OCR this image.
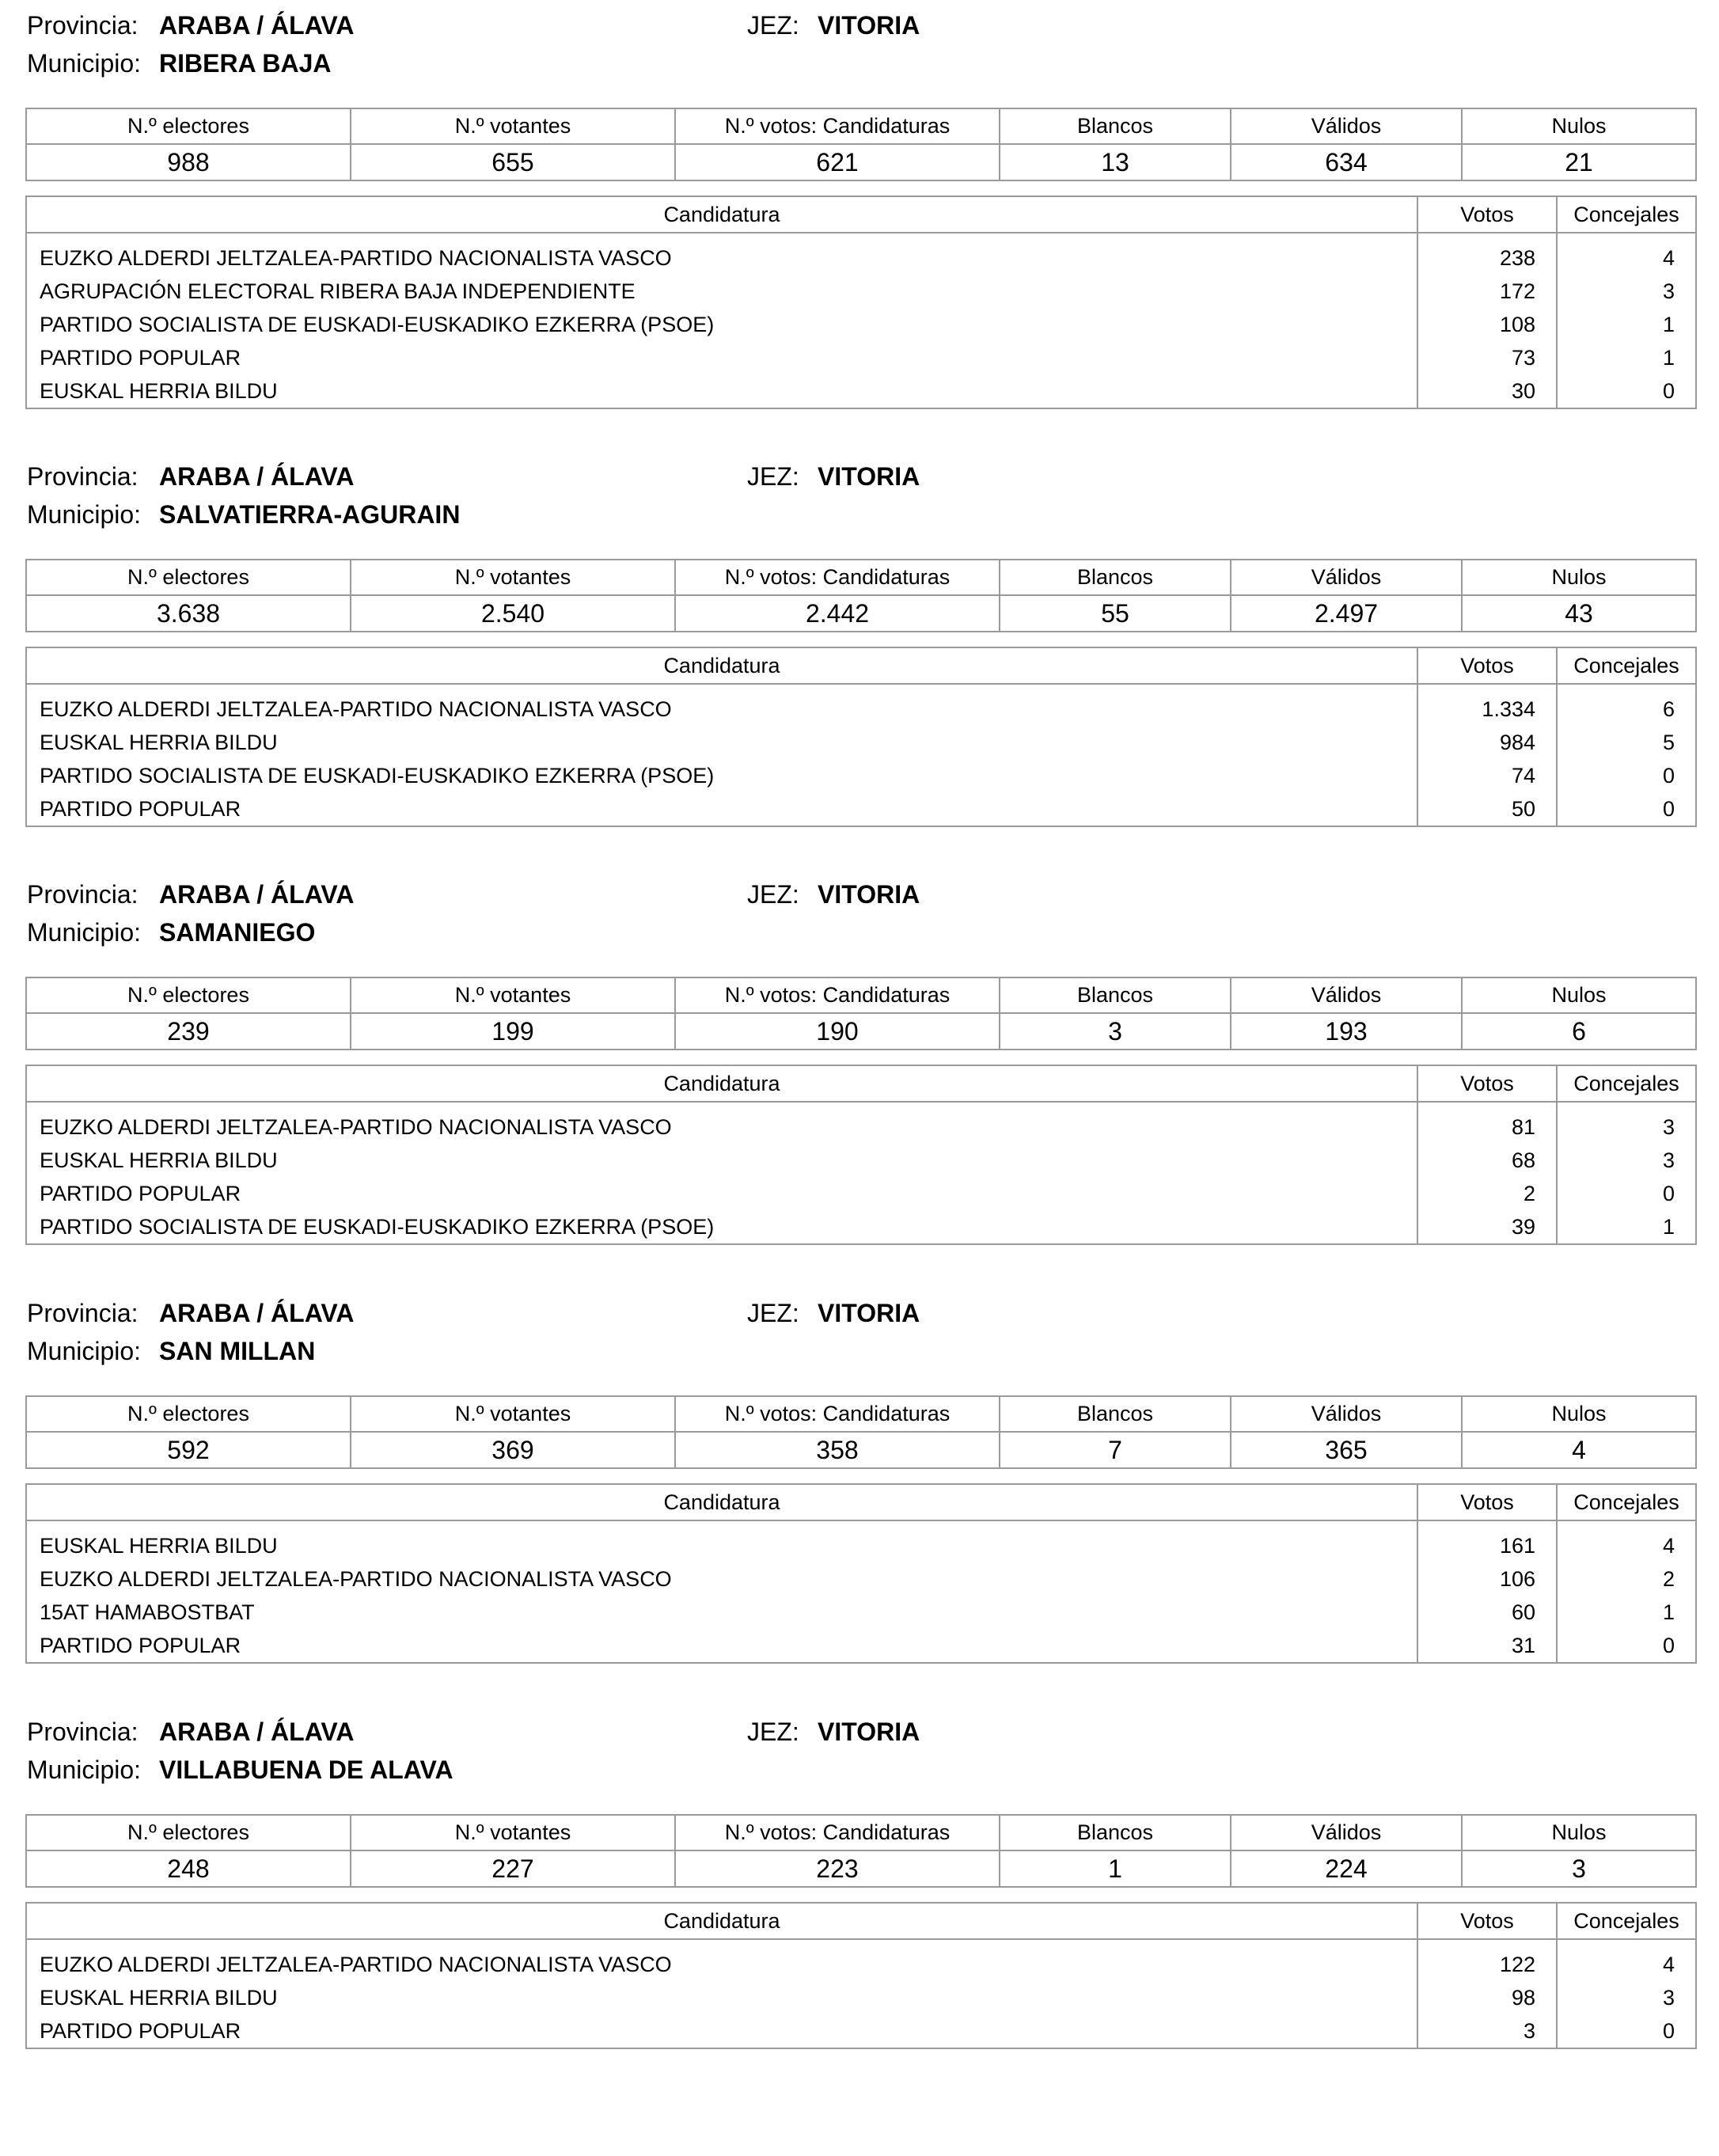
Provincia: ARABA / ÁLAVA	JEZ: VITORIA
Municipio: RIBERA BAJA
N.º electores	N.º votantes	N.º votos: Candidaturas	Blancos	Válidos	Nulos
988	655	621	13	634	21
Candidatura	Votos	Concejales

EUZKO ALDERDI JELTZALEA-PARTIDO NACIONALISTA VASCO	238	4
AGRUPACIÓN ELECTORAL RIBERA BAJA INDEPENDIENTE	172	3
PARTIDO SOCIALISTA DE EUSKADI-EUSKADIKO EZKERRA (PSOE)	108	1
PARTIDO POPULAR	73	1
EUSKAL HERRIA BILDU	30	0
Provincia: ARABA / ÁLAVA	JEZ: VITORIA
Municipio: SALVATIERRA-AGURAIN
N.º electores	N.º votantes	N.º votos: Candidaturas	Blancos	Válidos	Nulos
3.638	2.540	2.442	55	2.497	43
Candidatura	Votos	Concejales

EUZKO ALDERDI JELTZALEA-PARTIDO NACIONALISTA VASCO	1.334	6
EUSKAL HERRIA BILDU	984	5
PARTIDO SOCIALISTA DE EUSKADI-EUSKADIKO EZKERRA (PSOE)	74	0
PARTIDO POPULAR	50	0
Provincia: ARABA / ÁLAVA	JEZ: VITORIA
Municipio: SAMANIEGO
N.º electores	N.º votantes	N.º votos: Candidaturas	Blancos	Válidos	Nulos
239	199	190	3	193	6
Candidatura	Votos	Concejales

EUZKO ALDERDI JELTZALEA-PARTIDO NACIONALISTA VASCO	81	3
EUSKAL HERRIA BILDU	68	3
PARTIDO POPULAR	2	0
PARTIDO SOCIALISTA DE EUSKADI-EUSKADIKO EZKERRA (PSOE)	39	1
Provincia: ARABA / ÁLAVA	JEZ: VITORIA
Municipio: SAN MILLAN
N.º electores	N.º votantes	N.º votos: Candidaturas	Blancos	Válidos	Nulos
592	369	358	7	365	4
Candidatura	Votos	Concejales

EUSKAL HERRIA BILDU	161	4
EUZKO ALDERDI JELTZALEA-PARTIDO NACIONALISTA VASCO	106	2
15AT HAMABOSTBAT	60	1
PARTIDO POPULAR	31	0
Provincia: ARABA / ÁLAVA	JEZ: VITORIA
Municipio: VILLABUENA DE ALAVA
N.º electores	N.º votantes	N.º votos: Candidaturas	Blancos	Válidos	Nulos
248	227	223	1	224	3
Candidatura	Votos	Concejales

EUZKO ALDERDI JELTZALEA-PARTIDO NACIONALISTA VASCO	122	4
EUSKAL HERRIA BILDU	98	3
PARTIDO POPULAR	3	0
